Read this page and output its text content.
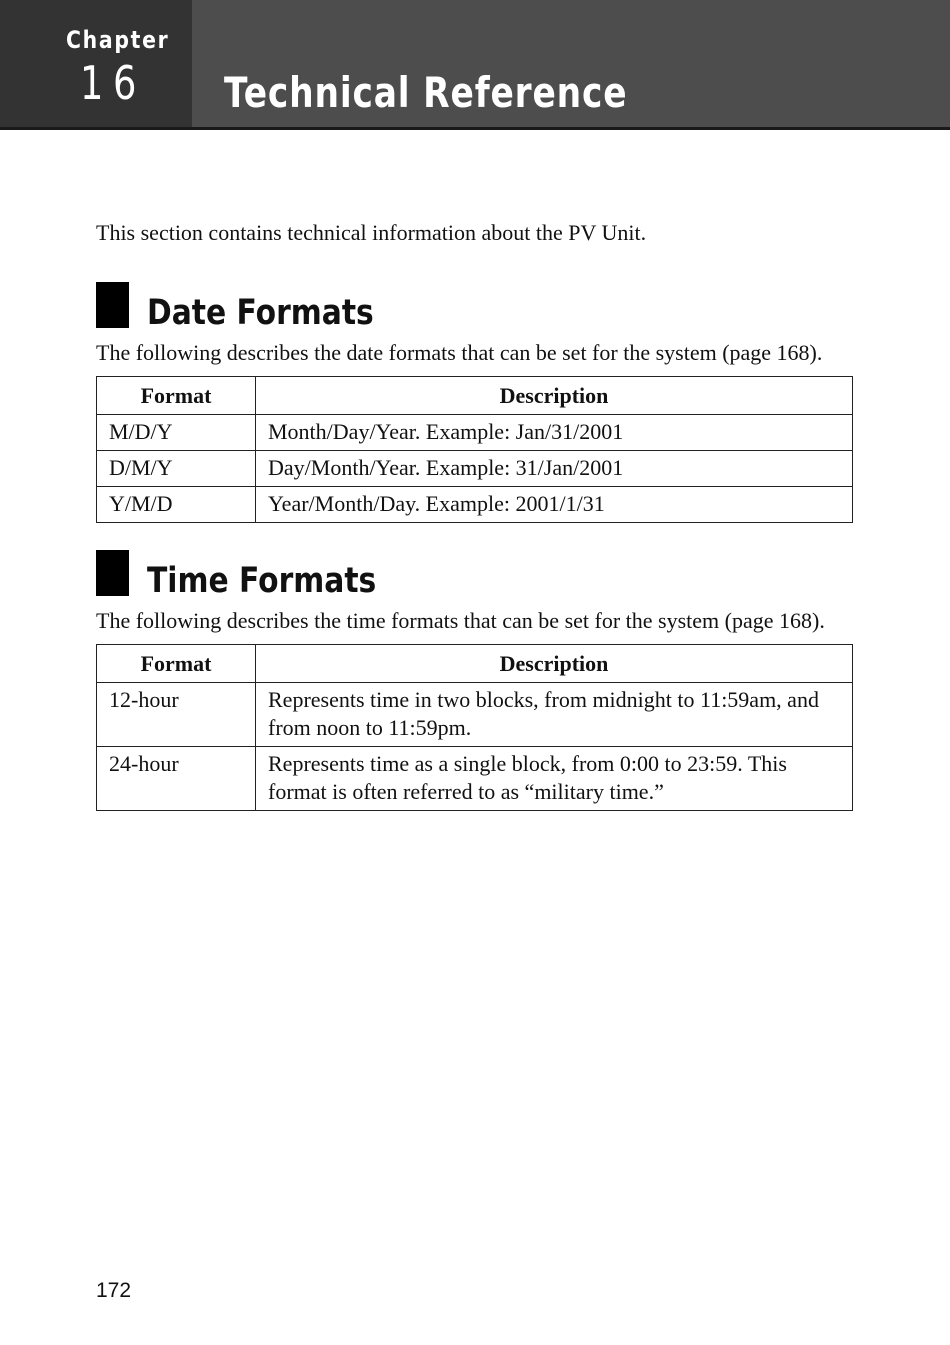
Chapter
16 Technical Reference
This section contains technical information about the PV Unit.
Date Formats
The following describes the date formats that can be set for the system (page 168).
Format	Description
M/D/Y	Month/Day/Year. Example: Jan/31/2001
D/M/Y	Day/Month/Year. Example: 31/Jan/2001
Y/M/D	Year/Month/Day. Example: 2001/1/31
Time Formats
The following describes the time formats that can be set for the system (page 168).
Format	Description
12-hour	Represents time in two blocks, from midnight to 11:59am, and from noon to 11:59pm.
24-hour	Represents time as a single block, from 0:00 to 23:59. This format is often referred to as “military time.”
172
